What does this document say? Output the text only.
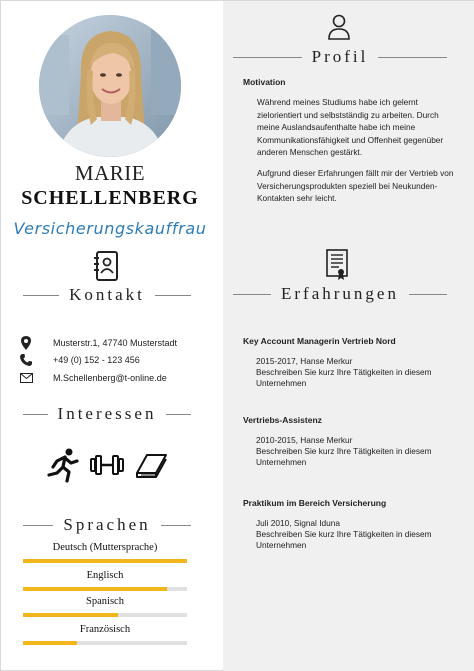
MARIE
SCHELLENBERG
Versicherungskauffrau
Kontakt
Musterstr.1, 47740 Musterstadt
+49 (0) 152 - 123 456
M.Schellenberg@t-online.de
Interessen
Sprachen
Deutsch (Muttersprache)
Englisch
Spanisch
Französisch
Profil
Motivation

Während meines Studiums habe ich gelernt zielorientiert und selbstständig zu arbeiten. Durch meine Auslandsaufenthalte habe ich meine Kommunikationsfähigkeit und Offenheit gegenüber anderen Menschen gestärkt.

Aufgrund dieser Erfahrungen fällt mir der Vertrieb von Versicherungsprodukten speziell bei Neukunden-Kontakten sehr leicht.

Erfahrungen
Key Account Managerin Vertrieb Nord
2015-2017, Hanse Merkur
Beschreiben Sie kurz Ihre Tätigkeiten in diesem Unternehmen
Vertriebs-Assistenz
2010-2015, Hanse Merkur
Beschreiben Sie kurz Ihre Tätigkeiten in diesem Unternehmen
Praktikum im Bereich Versicherung
Juli 2010, Signal Iduna
Beschreiben Sie kurz Ihre Tätigkeiten in diesem Unternehmen
